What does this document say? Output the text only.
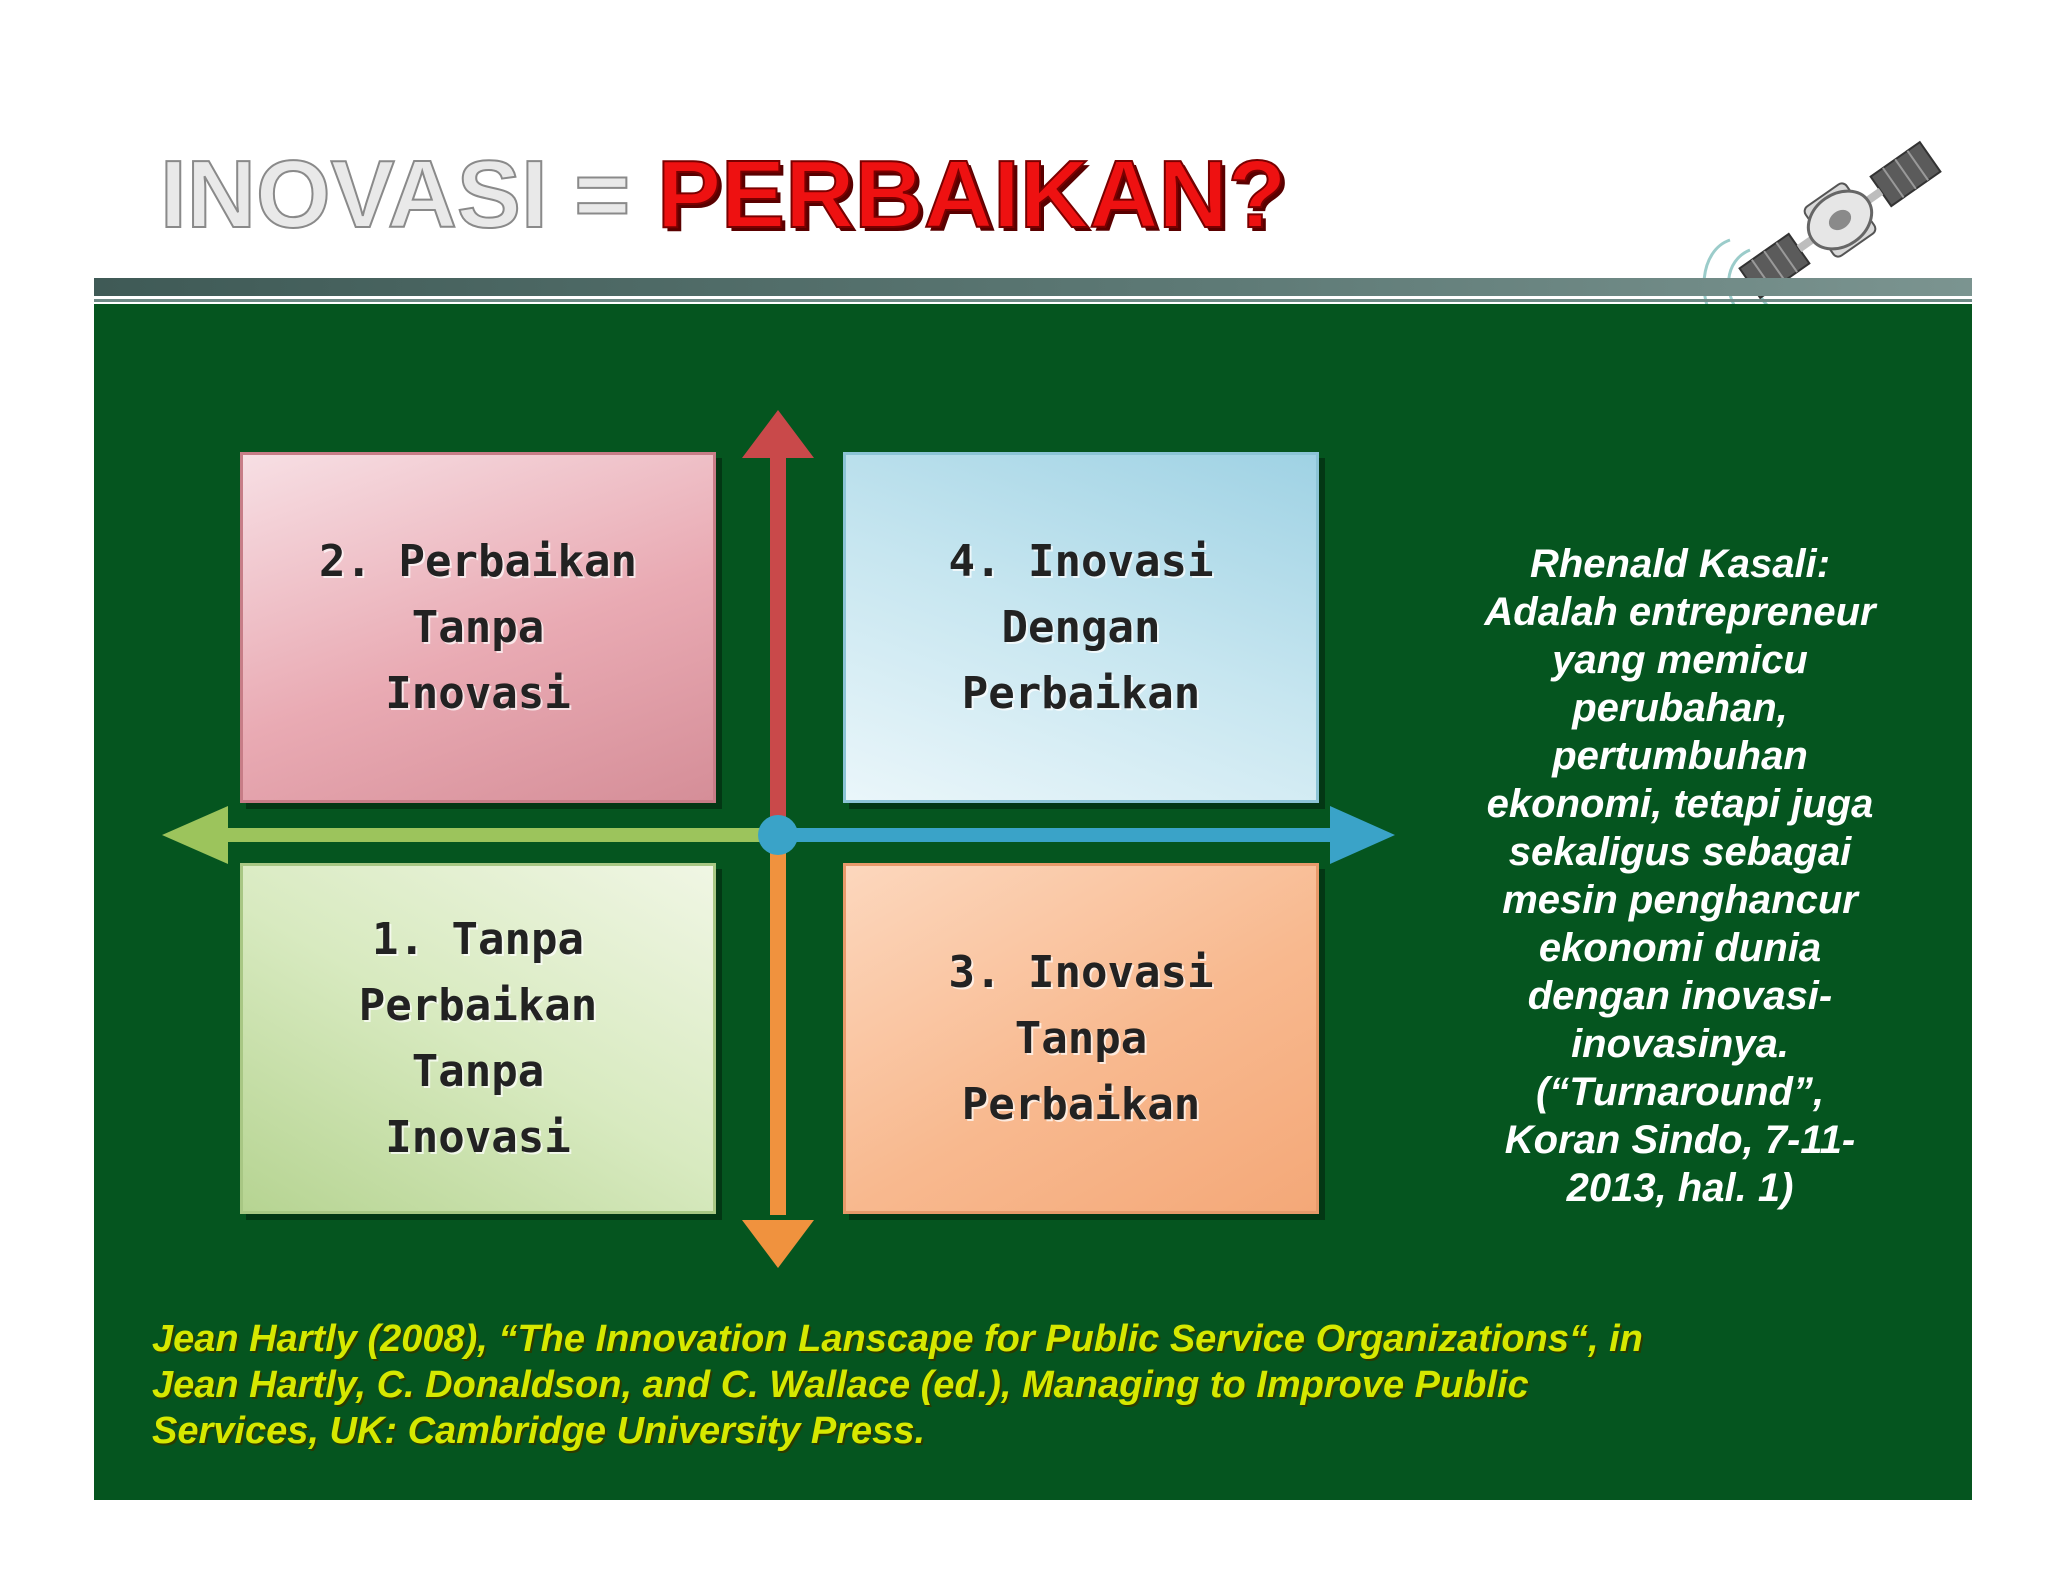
INOVASI = PERBAIKAN?
2. Perbaikan
Tanpa
Inovasi
4. Inovasi
Dengan
Perbaikan
1. Tanpa
Perbaikan
Tanpa
Inovasi
3. Inovasi
Tanpa
Perbaikan
Rhenald Kasali:
Adalah entrepreneur
yang memicu
perubahan,
pertumbuhan
ekonomi, tetapi juga
sekaligus sebagai
mesin penghancur
ekonomi dunia
dengan inovasi-
inovasinya.
(“Turnaround”,
Koran Sindo, 7-11-
2013, hal. 1)
Jean Hartly (2008), “The Innovation Lanscape for Public Service Organizations“, in
Jean Hartly, C. Donaldson, and C. Wallace (ed.), Managing to Improve Public
Services, UK: Cambridge University Press.
